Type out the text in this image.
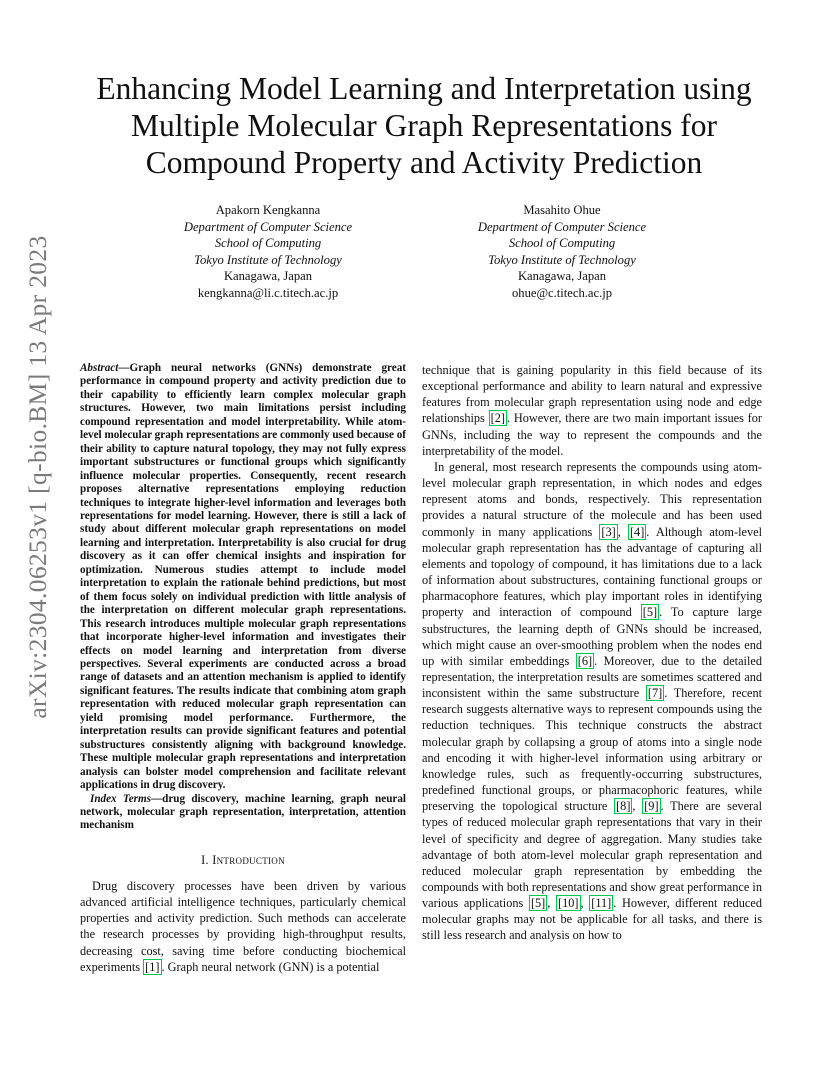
arXiv:2304.06253v1 [q-bio.BM] 13 Apr 2023
Enhancing Model Learning and Interpretation using
Multiple Molecular Graph Representations for
Compound Property and Activity Prediction
Apakorn Kengkanna
Department of Computer Science
School of Computing
Tokyo Institute of Technology
Kanagawa, Japan
kengkanna@li.c.titech.ac.jp
Masahito Ohue
Department of Computer Science
School of Computing
Tokyo Institute of Technology
Kanagawa, Japan
ohue@c.titech.ac.jp

Abstract—Graph neural networks (GNNs) demonstrate great performance in compound property and activity prediction due to their capability to efficiently learn complex molecular graph structures. However, two main limitations persist including compound representation and model interpretability. While atom-level molecular graph representations are commonly used because of their ability to capture natural topology, they may not fully express important substructures or functional groups which significantly influence molecular properties. Consequently, recent research proposes alternative representations employing reduction techniques to integrate higher-level information and leverages both representations for model learning. However, there is still a lack of study about different molecular graph representations on model learning and interpretation. Interpretability is also crucial for drug discovery as it can offer chemical insights and inspiration for optimization. Numerous studies attempt to include model interpretation to explain the rationale behind predictions, but most of them focus solely on individual prediction with little analysis of the interpretation on different molecular graph representations. This research introduces multiple molecular graph representations that incorporate higher-level information and investigates their effects on model learning and interpretation from diverse perspectives. Several experiments are conducted across a broad range of datasets and an attention mechanism is applied to identify significant features. The results indicate that combining atom graph representation with reduced molecular graph representation can yield promising model performance. Furthermore, the interpretation results can provide significant features and potential substructures consistently aligning with background knowledge. These multiple molecular graph representations and interpretation analysis can bolster model comprehension and facilitate relevant applications in drug discovery.

Index Terms—drug discovery, machine learning, graph neural network, molecular graph representation, interpretation, attention mechanism

I. Introduction

Drug discovery processes have been driven by various advanced artificial intelligence techniques, particularly chemical properties and activity prediction. Such methods can accelerate the research processes by providing high-throughput results, decreasing cost, saving time before conducting biochemical experiments [1] . Graph neural network (GNN) is a potential

technique that is gaining popularity in this field because of its exceptional performance and ability to learn natural and expressive features from molecular graph representation using node and edge relationships [2] . However, there are two main important issues for GNNs, including the way to represent the compounds and the interpretability of the model.

In general, most research represents the compounds using atom-level molecular graph representation, in which nodes and edges represent atoms and bonds, respectively. This representation provides a natural structure of the molecule and has been used commonly in many applications [3] , [4] . Although atom-level molecular graph representation has the advantage of capturing all elements and topology of compound, it has limitations due to a lack of information about substructures, containing functional groups or pharmacophore features, which play important roles in identifying property and interaction of compound [5] . To capture large substructures, the learning depth of GNNs should be increased, which might cause an over-smoothing problem when the nodes end up with similar embeddings [6] . Moreover, due to the detailed representation, the interpretation results are sometimes scattered and inconsistent within the same substructure [7] . Therefore, recent research suggests alternative ways to represent compounds using the reduction techniques. This technique constructs the abstract molecular graph by collapsing a group of atoms into a single node and encoding it with higher-level information using arbitrary or knowledge rules, such as frequently-occurring substructures, predefined functional groups, or pharmacophoric features, while preserving the topological structure [8] , [9] . There are several types of reduced molecular graph representations that vary in their level of specificity and degree of aggregation. Many studies take advantage of both atom-level molecular graph representation and reduced molecular graph representation by embedding the compounds with both representations and show great performance in various applications [5] , [10] , [11] . However, different reduced molecular graphs may not be applicable for all tasks, and there is still less research and analysis on how to
